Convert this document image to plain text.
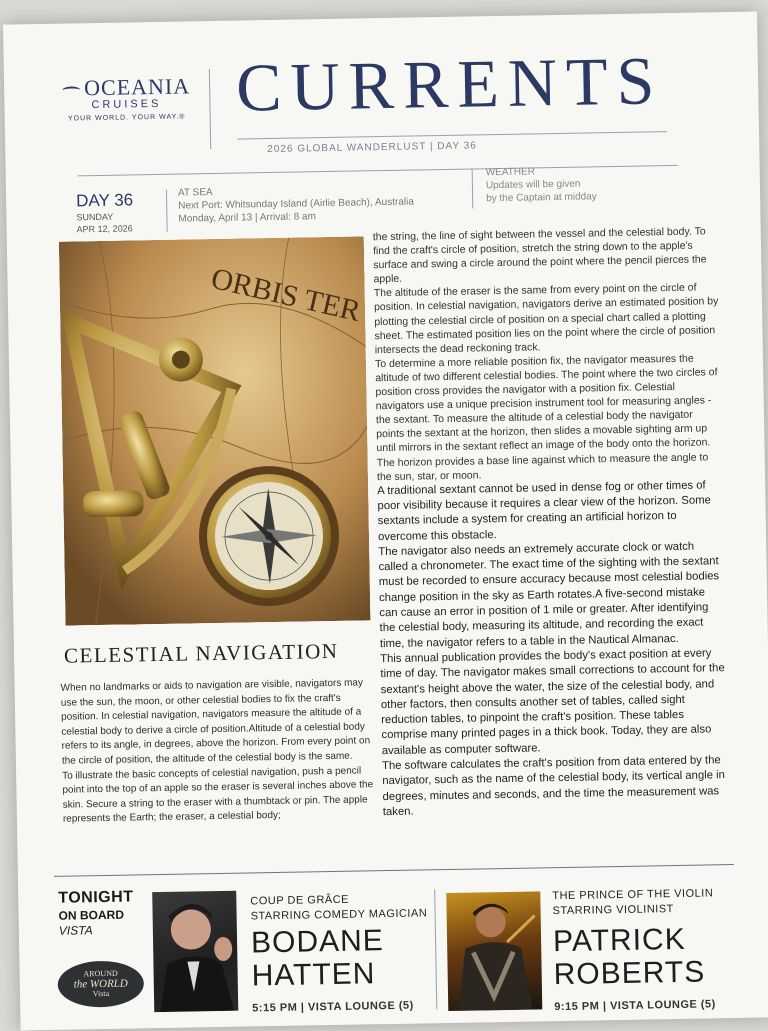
OCEANIA
CRUISES
YOUR WORLD. YOUR WAY.® CURRENTS
2026 GLOBAL WANDERLUST | DAY 36
DAY 36
SUNDAY
APR 12, 2026
AT SEA
Next Port: Whitsunday Island (Airlie Beach), Australia
Monday, April 13 | Arrival: 8 am
WEATHER
Updates will be given
by the Captain at midday
ORBIS TER

the string, the line of sight between the vessel and the celestial body. To find the craft's circle of position, stretch the string down to the apple's surface and swing a circle around the point where the pencil pierces the apple.

The altitude of the eraser is the same from every point on the circle of position. In celestial navigation, navigators derive an estimated position by plotting the celestial circle of position on a special chart called a plotting sheet. The estimated position lies on the point where the circle of position intersects the dead reckoning track.

To determine a more reliable position fix, the navigator measures the altitude of two different celestial bodies. The point where the two circles of position cross provides the navigator with a position fix. Celestial navigators use a unique precision instrument tool for measuring angles - the sextant. To measure the altitude of a celestial body the navigator points the sextant at the horizon, then slides a movable sighting arm up until mirrors in the sextant reflect an image of the body onto the horizon. The horizon provides a base line against which to measure the angle to the sun, star, or moon.

A traditional sextant cannot be used in dense fog or other times of poor visibility because it requires a clear view of the horizon. Some sextants include a system for creating an artificial horizon to overcome this obstacle.

The navigator also needs an extremely accurate clock or watch called a chronometer. The exact time of the sighting with the sextant must be recorded to ensure accuracy because most celestial bodies change position in the sky as Earth rotates.A five-second mistake can cause an error in position of 1 mile or greater. After identifying the celestial body, measuring its altitude, and recording the exact time, the navigator refers to a table in the Nautical Almanac.

This annual publication provides the body's exact position at every time of day. The navigator makes small corrections to account for the sextant's height above the water, the size of the celestial body, and other factors, then consults another set of tables, called sight reduction tables, to pinpoint the craft's position. These tables comprise many printed pages in a thick book. Today, they are also available as computer software.

The software calculates the craft's position from data entered by the navigator, such as the name of the celestial body, its vertical angle in degrees, minutes and seconds, and the time the measurement was taken.

CELESTIAL NAVIGATION

When no landmarks or aids to navigation are visible, navigators may use the sun, the moon, or other celestial bodies to fix the craft's position. In celestial navigation, navigators measure the altitude of a celestial body to derive a circle of position.Altitude of a celestial body refers to its angle, in degrees, above the horizon. From every point on the circle of position, the altitude of the celestial body is the same.

To illustrate the basic concepts of celestial navigation, push a pencil point into the top of an apple so the eraser is several inches above the skin. Secure a string to the eraser with a thumbtack or pin. The apple represents the Earth; the eraser, a celestial body;

TONIGHT
ON BOARD
VISTA
AROUND
the WORLD
Vista
COUP DE GRÂCE
STARRING COMEDY MAGICIAN
BODANE
HATTEN
5:15 PM | VISTA LOUNGE (5)
THE PRINCE OF THE VIOLIN
STARRING VIOLINIST
PATRICK
ROBERTS
9:15 PM | VISTA LOUNGE (5)
